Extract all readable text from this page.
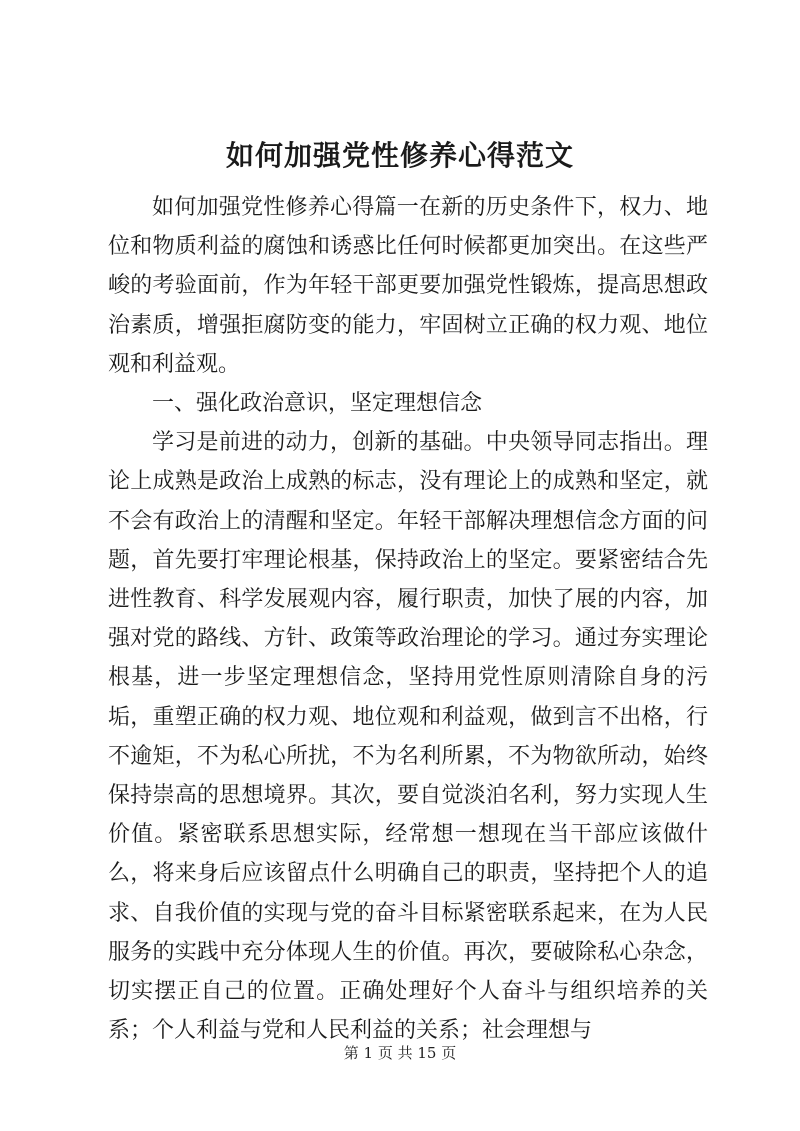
如何加强党性修养心得范文

如何加强党性修养心得篇一在新的历史条件下，权力、地位和物质利益的腐蚀和诱惑比任何时候都更加突出。在这些严峻的考验面前，作为年轻干部更要加强党性锻炼，提高思想政治素质，增强拒腐防变的能力，牢固树立正确的权力观、地位观和利益观。

一、强化政治意识，坚定理想信念

学习是前进的动力，创新的基础。中央领导同志指出。理论上成熟是政治上成熟的标志，没有理论上的成熟和坚定，就不会有政治上的清醒和坚定。年轻干部解决理想信念方面的问题，首先要打牢理论根基，保持政治上的坚定。要紧密结合先进性教育、科学发展观内容，履行职责，加快了展的内容，加强对党的路线、方针、政策等政治理论的学习。通过夯实理论根基，进一步坚定理想信念，坚持用党性原则清除自身的污垢，重塑正确的权力观、地位观和利益观，做到言不出格，行不逾矩，不为私心所扰，不为名利所累，不为物欲所动，始终保持崇高的思想境界。其次，要自觉淡泊名利，努力实现人生价值。紧密联系思想实际，经常想一想现在当干部应该做什么，将来身后应该留点什么明确自己的职责，坚持把个人的追求、自我价值的实现与党的奋斗目标紧密联系起来，在为人民服务的实践中充分体现人生的价值。再次，要破除私心杂念，切实摆正自己的位置。正确处理好个人奋斗与组织培养的关系；个人利益与党和人民利益的关系；社会理想与

第 1 页 共 15 页
